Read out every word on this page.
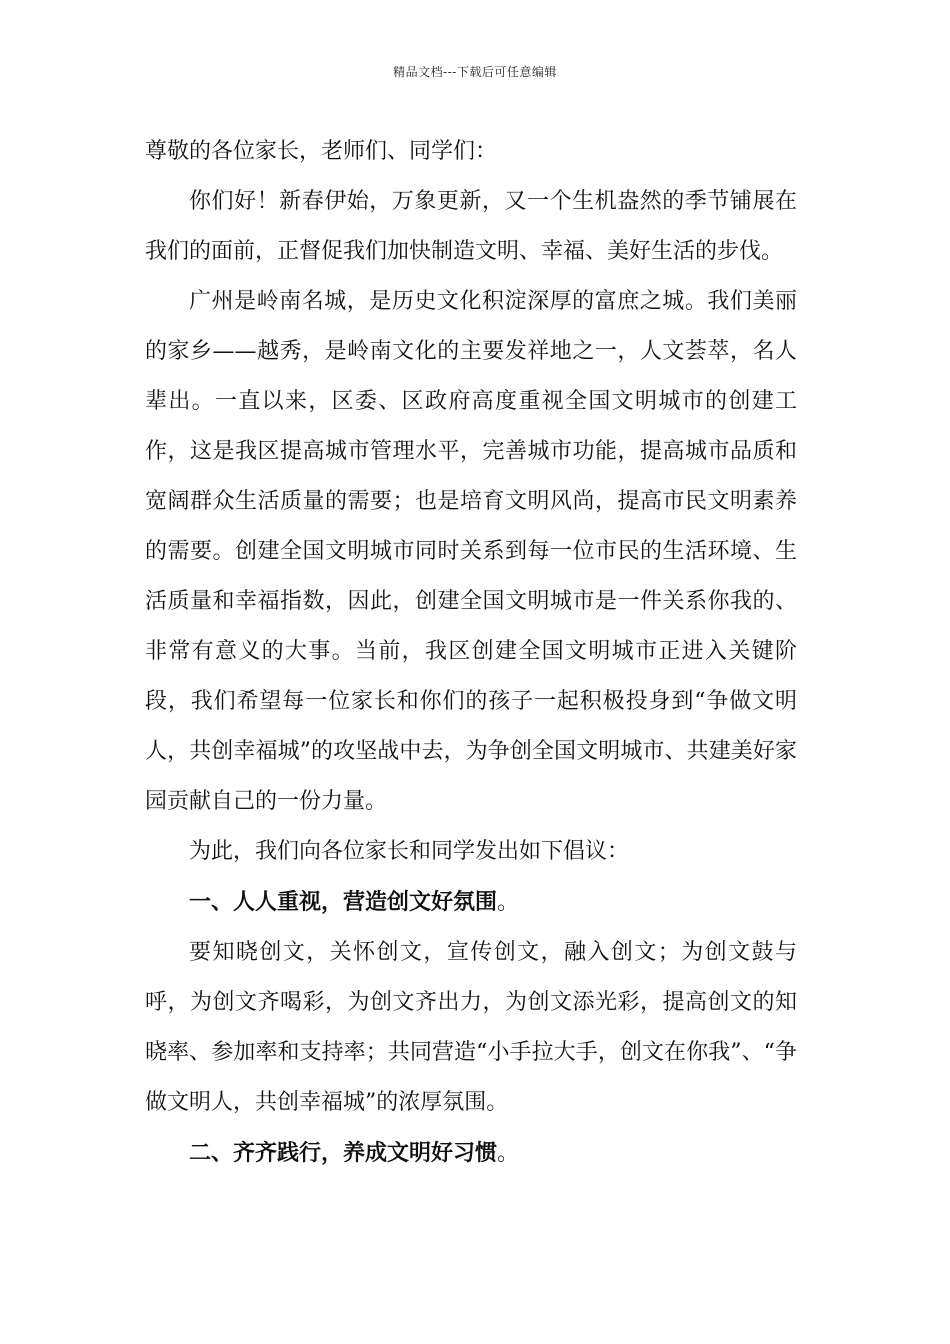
精品文档---下载后可任意编辑

尊敬的各位家长，老师们、同学们：

你们好！新春伊始，万象更新，又一个生机盎然的季节铺展在我们的面前，正督促我们加快制造文明、幸福、美好生活的步伐。

广州是岭南名城，是历史文化积淀深厚的富庶之城。我们美丽的家乡——越秀，是岭南文化的主要发祥地之一，人文荟萃，名人辈出。一直以来，区委、区政府高度重视全国文明城市的创建工作，这是我区提高城市管理水平，完善城市功能，提高城市品质和宽阔群众生活质量的需要；也是培育文明风尚，提高市民文明素养的需要。创建全国文明城市同时关系到每一位市民的生活环境、生活质量和幸福指数，因此，创建全国文明城市是一件关系你我的、非常有意义的大事。当前，我区创建全国文明城市正进入关键阶段，我们希望每一位家长和你们的孩子一起积极投身到“争做文明人，共创幸福城”的攻坚战中去，为争创全国文明城市、共建美好家园贡献自己的一份力量。

为此，我们向各位家长和同学发出如下倡议：

一、人人重视，营造创文好氛围。

要知晓创文，关怀创文，宣传创文，融入创文；为创文鼓与呼，为创文齐喝彩，为创文齐出力，为创文添光彩，提高创文的知晓率、参加率和支持率；共同营造“小手拉大手，创文在你我”、“争做文明人，共创幸福城”的浓厚氛围。

二、齐齐践行，养成文明好习惯。
